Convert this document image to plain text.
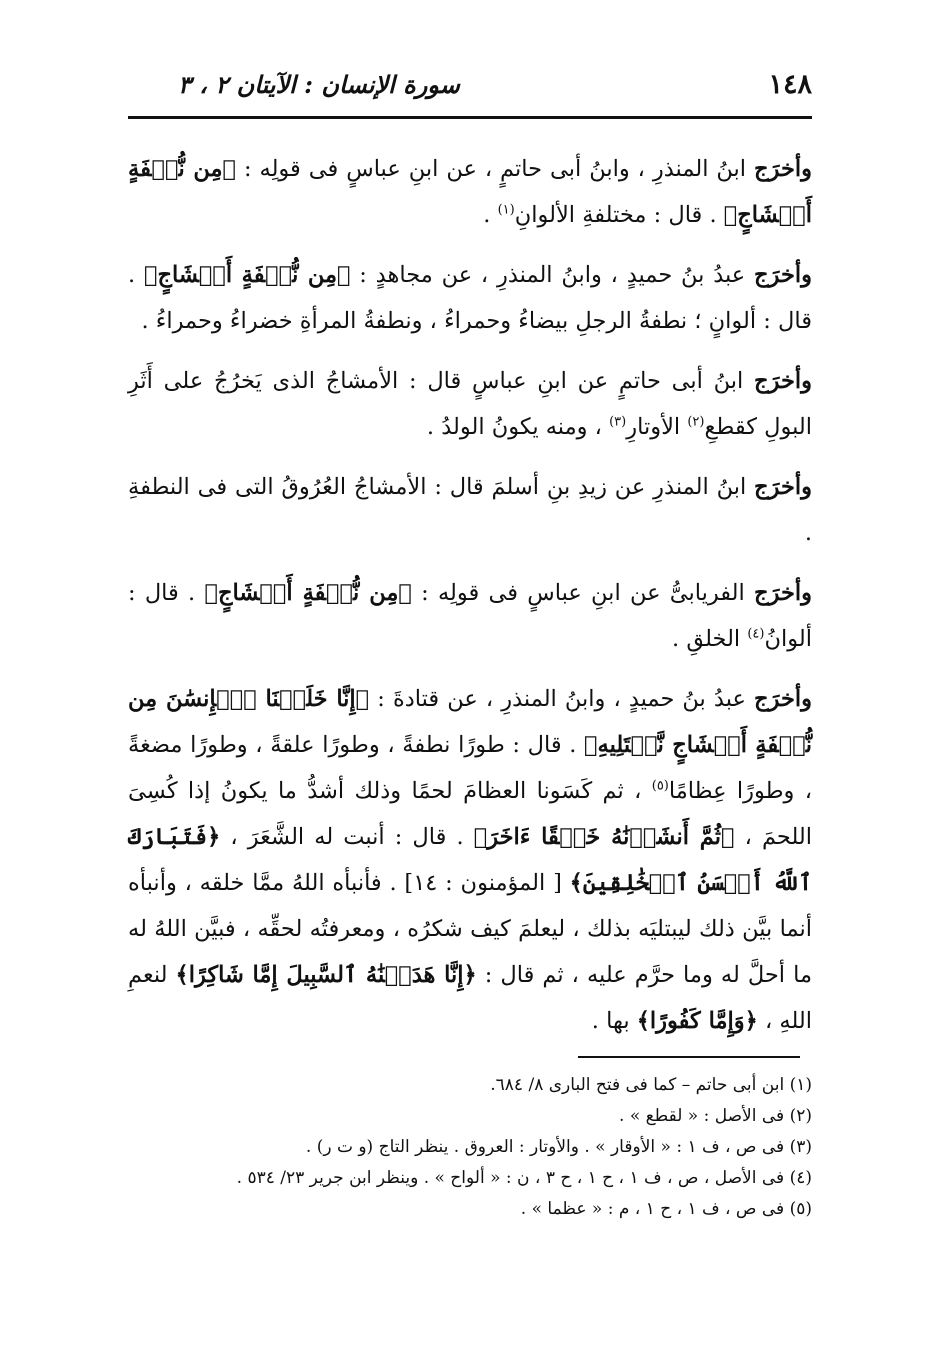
١٤٨
سورة الإنسان : الآيتان ٢ ، ٣

وأخرَج ابنُ المنذرِ ، وابنُ أبى حاتمٍ ، عن ابنِ عباسٍ فى قولِه : ﴿مِن نُّطۡفَةٍ أَمۡشَاجٍ﴾ . قال : مختلفةِ الألوانِ$^{(١)}$ .

وأخرَج عبدُ بنُ حميدٍ ، وابنُ المنذرِ ، عن مجاهدٍ : ﴿مِن نُّطۡفَةٍ أَمۡشَاجٍ﴾ . قال : ألوانٍ ؛ نطفةُ الرجلِ بيضاءُ وحمراءُ ، ونطفةُ المرأةِ خضراءُ وحمراءُ .

وأخرَج ابنُ أبى حاتمٍ عن ابنِ عباسٍ قال : الأمشاجُ الذى يَخرُجُ على أَثَرِ البولِ كقطعِ$^{(٢)}$ الأوتارِ$^{(٣)}$ ، ومنه يكونُ الولدُ .

وأخرَج ابنُ المنذرِ عن زيدِ بنِ أسلمَ قال : الأمشاجُ العُرُوقُ التى فى النطفةِ .

وأخرَج الفريابىُّ عن ابنِ عباسٍ فى قولِه : ﴿مِن نُّطۡفَةٍ أَمۡشَاجٍ﴾ . قال : ألوانُ$^{(٤)}$ الخلقِ .

وأخرَج عبدُ بنُ حميدٍ ، وابنُ المنذرِ ، عن قتادةَ : ﴿إِنَّا خَلَقۡنَا ٱلۡإِنسَٰنَ مِن نُّطۡفَةٍ أَمۡشَاجٍ نَّبۡتَلِيهِ﴾ . قال : طورًا نطفةً ، وطورًا علقةً ، وطورًا مضغةً ، وطورًا عِظامًا$^{(٥)}$ ، ثم كَسَونا العظامَ لحمًا وذلك أشدُّ ما يكونُ إذا كُسِىَ اللحمَ ، ﴿ثُمَّ أَنشَأۡنَٰهُ خَلۡقًا ءَاخَرَ﴾ . قال : أنبت له الشَّعَرَ ، ﴿فَتَبَارَكَ ٱللَّهُ أَحۡسَنُ ٱلۡخَٰلِقِينَ﴾ [ المؤمنون : ١٤] . فأنبأه اللهُ ممَّا خلقه ، وأنبأه أنما بيَّن ذلك ليبتليَه بذلك ، ليعلمَ كيف شكرُه ، ومعرفتُه لحقِّه ، فبيَّن اللهُ له ما أحلَّ له وما حرَّم عليه ، ثم قال : ﴿إِنَّا هَدَيۡنَٰهُ ٱلسَّبِيلَ إِمَّا شَاكِرًا﴾ لنعمِ اللهِ ، ﴿وَإِمَّا كَفُورًا﴾ بها .

(١) ابن أبى حاتم – كما فى فتح البارى ٨/ ٦٨٤.
(٢) فى الأصل : « لقطع » .
(٣) فى ص ، ف ١ : « الأوقار » . والأوتار : العروق . ينظر التاج (و ت ر) .
(٤) فى الأصل ، ص ، ف ١ ، ح ١ ، ح ٣ ، ن : « ألواح » . وينظر ابن جرير ٢٣/ ٥٣٤ .
(٥) فى ص ، ف ١ ، ح ١ ، م : « عظما » .
